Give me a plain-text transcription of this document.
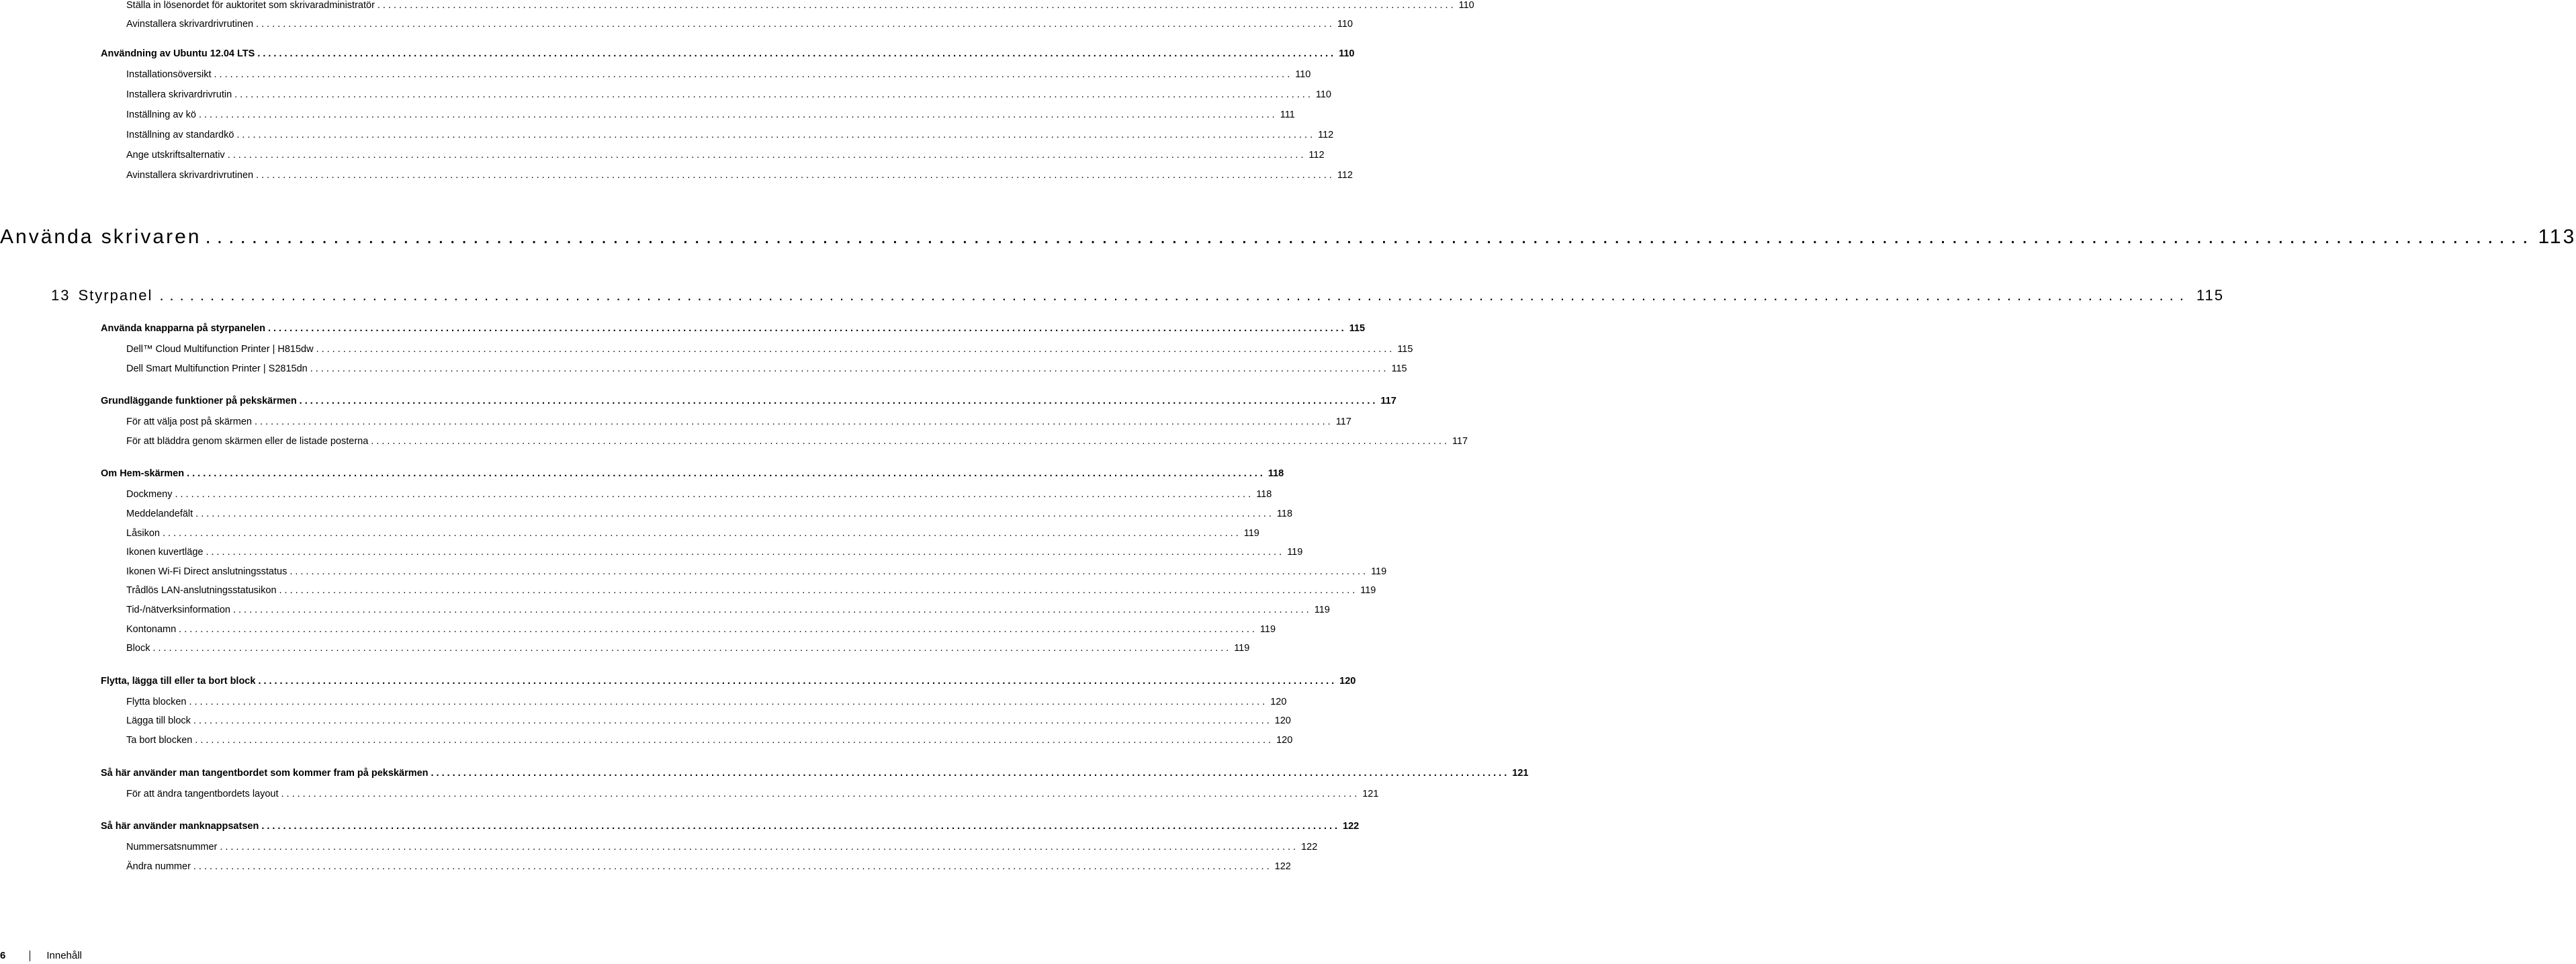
Ställa in lösenordet för auktoritet som skrivaradministratör ........................................................................................................................................................................................................ 110
Avinstallera skrivardrivrutinen ........................................................................................................................................................................................................ 110
Användning av Ubuntu 12.04 LTS ........................................................................................................................................................................................................ 110
Installationsöversikt ........................................................................................................................................................................................................ 110
Installera skrivardrivrutin ........................................................................................................................................................................................................ 110
Inställning av kö ........................................................................................................................................................................................................ 111
Inställning av standardkö ........................................................................................................................................................................................................ 112
Ange utskriftsalternativ ........................................................................................................................................................................................................ 112
Avinstallera skrivardrivrutinen ........................................................................................................................................................................................................ 112
Använda skrivaren ........................................................................................................................................................................................................ 113
13 Styrpanel ........................................................................................................................................................................................................ 115
Använda knapparna på styrpanelen ........................................................................................................................................................................................................ 115
Dell™ Cloud Multifunction Printer | H815dw ........................................................................................................................................................................................................ 115
Dell Smart Multifunction Printer | S2815dn ........................................................................................................................................................................................................ 115
Grundläggande funktioner på pekskärmen ........................................................................................................................................................................................................ 117
För att välja post på skärmen ........................................................................................................................................................................................................ 117
För att bläddra genom skärmen eller de listade posterna ........................................................................................................................................................................................................ 117
Om Hem-skärmen ........................................................................................................................................................................................................ 118
Dockmeny ........................................................................................................................................................................................................ 118
Meddelandefält ........................................................................................................................................................................................................ 118
Låsikon ........................................................................................................................................................................................................ 119
Ikonen kuvertläge ........................................................................................................................................................................................................ 119
Ikonen Wi-Fi Direct anslutningsstatus ........................................................................................................................................................................................................ 119
Trådlös LAN-anslutningsstatusikon ........................................................................................................................................................................................................ 119
Tid-/nätverksinformation ........................................................................................................................................................................................................ 119
Kontonamn ........................................................................................................................................................................................................ 119
Block ........................................................................................................................................................................................................ 119
Flytta, lägga till eller ta bort block ........................................................................................................................................................................................................ 120
Flytta blocken ........................................................................................................................................................................................................ 120
Lägga till block ........................................................................................................................................................................................................ 120
Ta bort blocken ........................................................................................................................................................................................................ 120
Så här använder man tangentbordet som kommer fram på pekskärmen ........................................................................................................................................................................................................ 121
För att ändra tangentbordets layout ........................................................................................................................................................................................................ 121
Så här använder manknappsatsen ........................................................................................................................................................................................................ 122
Nummersatsnummer ........................................................................................................................................................................................................ 122
Ändra nummer ........................................................................................................................................................................................................ 122
6	Innehåll
